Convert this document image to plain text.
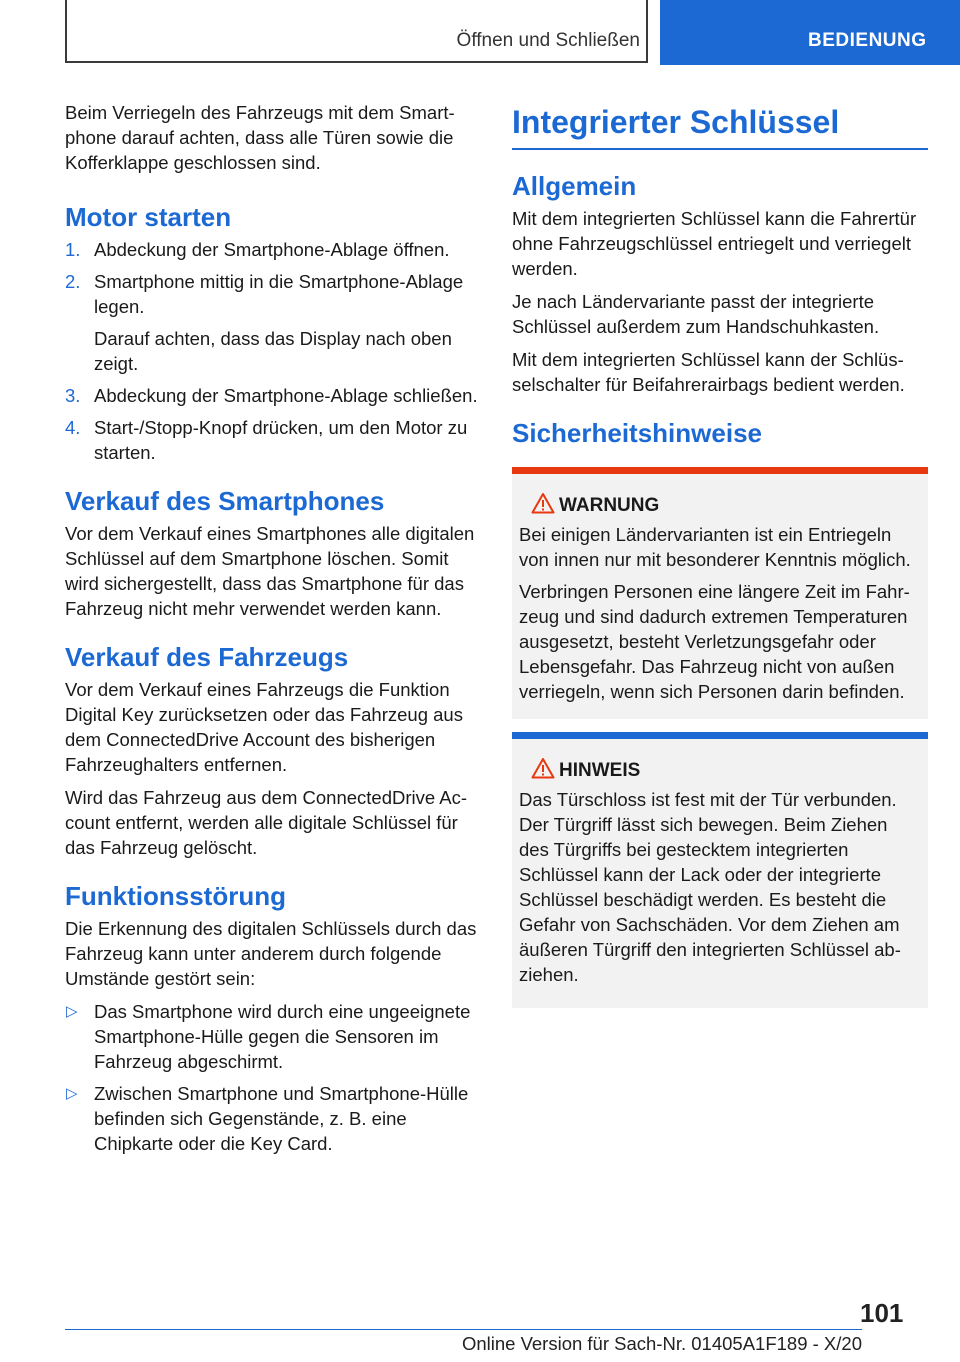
Öffnen und Schließen	BEDIENUNG

Beim Verriegeln des Fahrzeugs mit dem Smartphone darauf achten, dass alle Türen sowie die Kofferklappe geschlossen sind.

Motor starten
1. Abdeckung der Smartphone-Ablage öffnen.
2. Smartphone mittig in die Smartphone-Ablage legen.
Darauf achten, dass das Display nach oben zeigt.
3. Abdeckung der Smartphone-Ablage schließen.
4. Start-/Stopp-Knopf drücken, um den Motor zu starten.
Verkauf des Smartphones

Vor dem Verkauf eines Smartphones alle digitalen Schlüssel auf dem Smartphone löschen. Somit wird sichergestellt, dass das Smartphone für das Fahrzeug nicht mehr verwendet werden kann.

Verkauf des Fahrzeugs

Vor dem Verkauf eines Fahrzeugs die Funktion Digital Key zurücksetzen oder das Fahrzeug aus dem ConnectedDrive Account des bisherigen Fahrzeughalters entfernen.

Wird das Fahrzeug aus dem ConnectedDrive Account entfernt, werden alle digitale Schlüssel für das Fahrzeug gelöscht.

Funktionsstörung

Die Erkennung des digitalen Schlüssels durch das Fahrzeug kann unter anderem durch folgende Umstände gestört sein:

▷ Das Smartphone wird durch eine ungeeignete Smartphone-Hülle gegen die Sensoren im Fahrzeug abgeschirmt.
▷ Zwischen Smartphone und Smartphone-Hülle befinden sich Gegenstände, z. B. eine Chipkarte oder die Key Card.
Integrierter Schlüssel
Allgemein

Mit dem integrierten Schlüssel kann die Fahrertür ohne Fahrzeugschlüssel entriegelt und verriegelt werden.

Je nach Ländervariante passt der integrierte Schlüssel außerdem zum Handschuhkasten.

Mit dem integrierten Schlüssel kann der Schlüsselschalter für Beifahrerairbags bedient werden.

Sicherheitshinweise
WARNUNG

Bei einigen Ländervarianten ist ein Entriegeln von innen nur mit besonderer Kenntnis möglich.

Verbringen Personen eine längere Zeit im Fahrzeug und sind dadurch extremen Temperaturen ausgesetzt, besteht Verletzungsgefahr oder Lebensgefahr. Das Fahrzeug nicht von außen verriegeln, wenn sich Personen darin befinden.

HINWEIS

Das Türschloss ist fest mit der Tür verbunden. Der Türgriff lässt sich bewegen. Beim Ziehen des Türgriffs bei gestecktem integrierten Schlüssel kann der Lack oder der integrierte Schlüssel beschädigt werden. Es besteht die Gefahr von Sachschäden. Vor dem Ziehen am äußeren Türgriff den integrierten Schlüssel abziehen.

101
Online Version für Sach-Nr. 01405A1F189 - X/20
